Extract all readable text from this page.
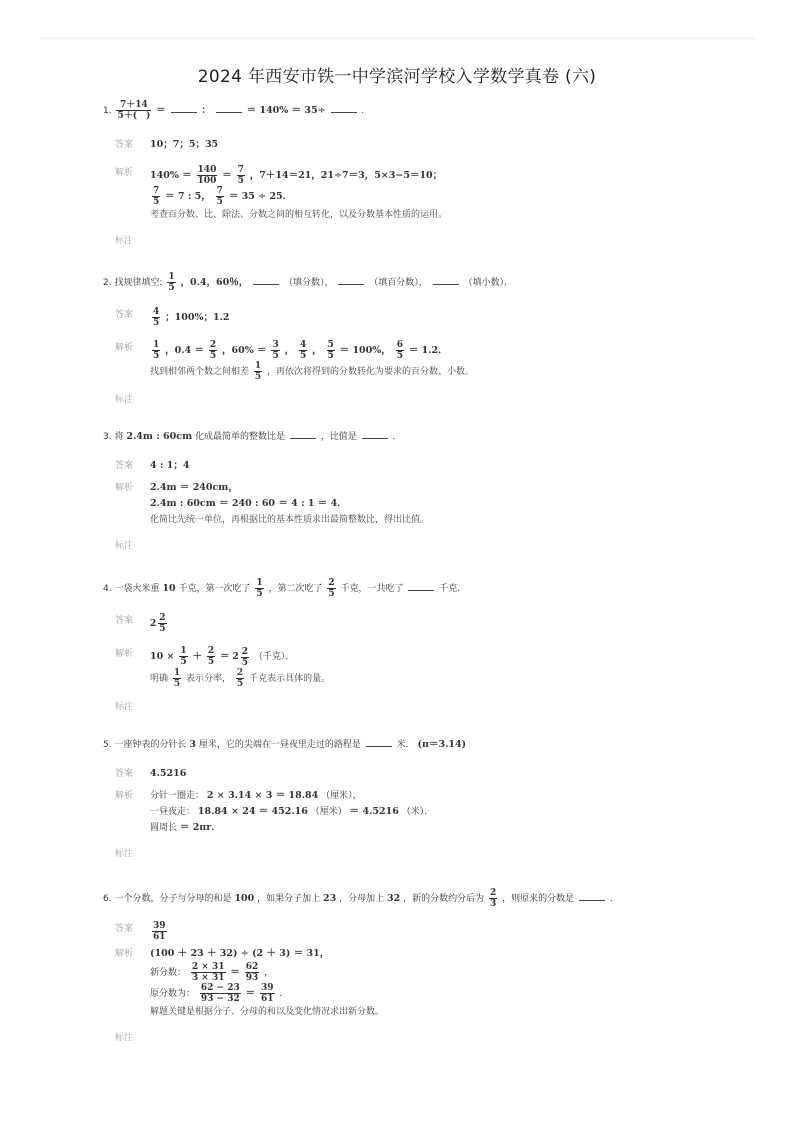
2024 年西安市铁一中学滨河学校入学数学真卷 (六)
1. $\frac{7+14}{5+( )}$ ＝	：	＝ 140% ＝ 35÷	．
答案 10；7；5；35
解析 $140\% = \frac{140}{100} = \frac{7}{5}$ ，7＋14＝21，21÷7＝3，5×3−5＝10；
$\frac{7}{5} = 7$ : 5， $\frac{7}{5} = 35 \div 25$．
考查百分数、比、除法、分数之间的相互转化，以及分数基本性质的运用。
标注
2. 找规律填空: $\frac{1}{5}$ ，0.4，60％，	（填分数），	（填百分数），	（填小数）．
答案 $\frac{4}{5}$ ；100%；1.2
解析 $\frac{1}{5}$ ，$0.4 = \frac{2}{5}$ ，$60\% = \frac{3}{5}$ ， $\frac{4}{5}$ ， $\frac{5}{5} = 100\%$， $\frac{6}{5} = 1.2$．
找到相邻两个数之间相差 $\frac{1}{5}$ ，再依次将得到的分数转化为要求的百分数、小数。
标注
3. 将 2.4m : 60cm 化成最简单的整数比是	，比值是	．
答案 4 : 1；4
解析 2.4m ＝ 240cm，
2.4m : 60cm ＝ 240 : 60 ＝ 4 : 1 ＝ 4．
化简比先统一单位，再根据比的基本性质求出最简整数比，得出比值。
标注
4. 一袋大米重 10 千克，第一次吃了 $\frac{1}{5}$ ，第二次吃了 $\frac{2}{5}$ 千克，一共吃了	千克．
答案 $2 \frac{2}{5}$
解析 $10 \times \frac{1}{5} + \frac{2}{5} = 2 \frac{2}{5}$ （千克）．
明确 $\frac{1}{5}$ 表示分率， $\frac{2}{5}$ 千克表示具体的量。
标注
5. 一座钟表的分针长 3 厘米，它的尖端在一昼夜里走过的路程是	米． (π＝3.14)
答案 4.5216
解析 分针一圈走： 2 × 3.14 × 3 ＝ 18.84 （厘米），
一昼夜走： 18.84 × 24 ＝ 452.16 （厘米） ＝ 4.5216 （米）．
圆周长 ＝ 2πr．
标注
6. 一个分数，分子与分母的和是 100 ，如果分子加上 23 ，分母加上 32 ，新的分数约分后为 $\frac{2}{3}$ ，则原来的分数是	．
答案 $\frac{39}{61}$
解析 (100 ＋ 23 ＋ 32) ÷ (2 ＋ 3) ＝ 31，
新分数： $\frac{2 \times 31}{3 \times 31} = \frac{62}{93}$ ，
原分数为： $\frac{62 - 23}{93 - 32} = \frac{39}{61}$ ．
解题关键是根据分子、分母的和以及变化情况求出新分数。
标注
